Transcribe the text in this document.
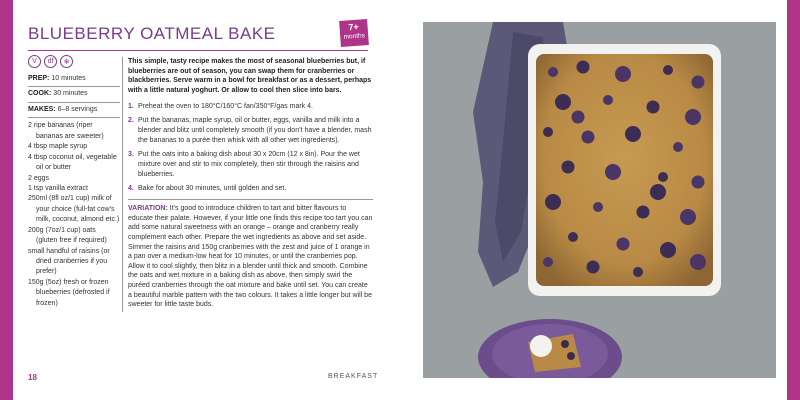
BLUEBERRY OATMEAL BAKE	7+
months
V	df	❄
PREP: 10 minutes
COOK: 30 minutes
MAKES: 6–8 servings
2 ripe bananas (riper
bananas are sweeter)
4 tbsp maple syrup
4 tbsp coconut oil, vegetable
oil or butter
2 eggs
1 tsp vanilla extract
250ml (8fl oz/1 cup) milk of
your choice (full-fat cow’s
milk, coconut, almond etc.)
200g (7oz/1 cup) oats
(gluten free if required)
small handful of raisins (or
dried cranberries if you
prefer)
150g (5oz) fresh or frozen
blueberries (defrosted if
frozen)

This simple, tasty recipe makes the most of seasonal blueberries but, if blueberries are out of season, you can swap them for cranberries or blackberries. Serve warm in a bowl for breakfast or as a dessert, perhaps with a little natural yoghurt. Or allow to cool then slice into bars.

1. Preheat the oven to 180°C/160°C fan/350°F/gas mark 4.
2. Put the bananas, maple syrup, oil or butter, eggs, vanilla and milk into a blender and blitz until completely smooth (if you don’t have a blender, mash the bananas to a purée then whisk with all other wet ingredients).
3. Put the oats into a baking dish about 30 x 20cm (12 x 8in). Pour the wet mixture over and stir to mix completely, then stir through the raisins and blueberries.
4. Bake for about 30 minutes, until golden and set.

VARIATION: It’s good to introduce children to tart and bitter flavours to educate their palate. However, if your little one finds this recipe too tart you can add some natural sweetness with an orange – orange and cranberry really complement each other. Prepare the wet ingredients as above and set aside. Simmer the raisins and 150g cranberries with the zest and juice of 1 orange in a pan over a medium-low heat for 10 minutes, or until the cranberries pop. Allow it to cool slightly, then blitz in a blender until thick and smooth. Combine the oats and wet mixture in a baking dish as above, then simply swirl the puréed cranberries through the oat mixture and bake until set. You can create a beautiful marble pattern with the two colours. It takes a little longer but will be sweeter for little taste buds.

18	BREAKFAST
